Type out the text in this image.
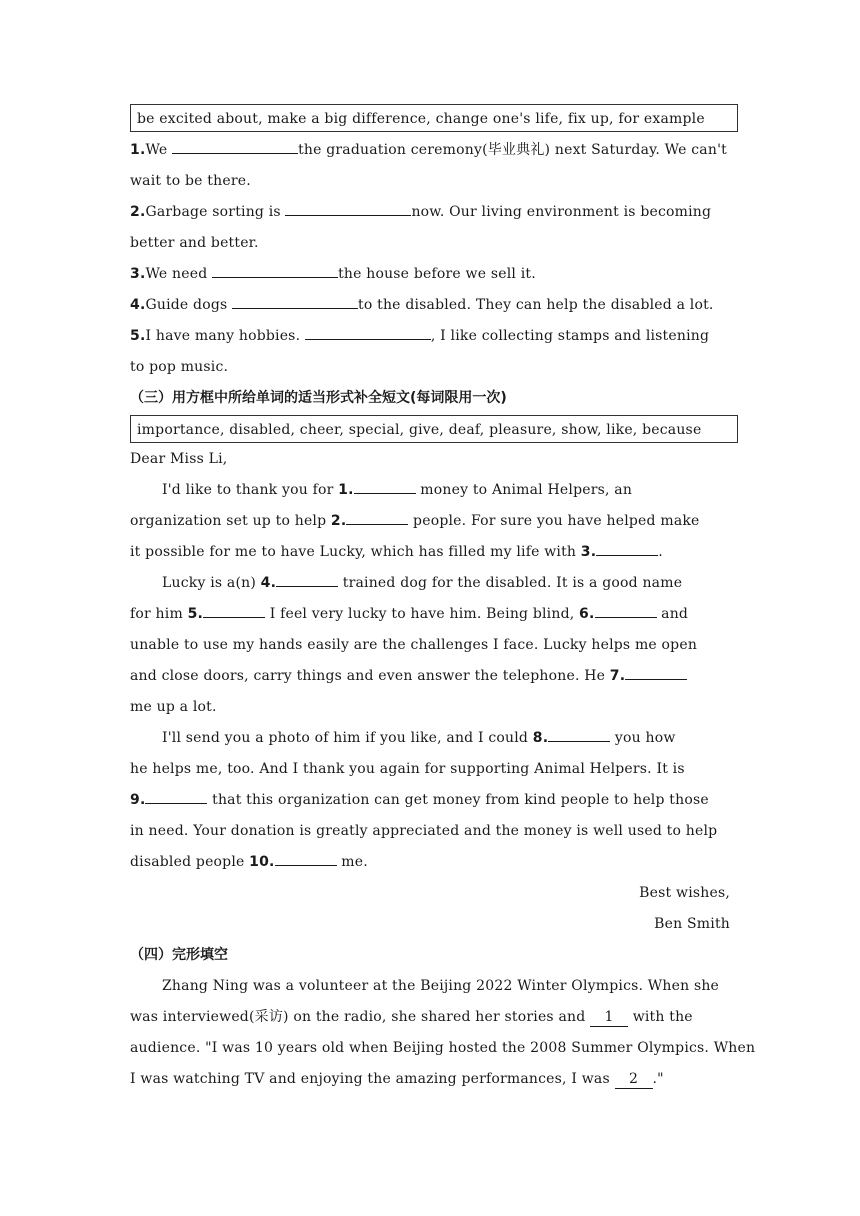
be excited about, make a big difference, change one's life, fix up, for example
1.We	the graduation ceremony(毕业典礼) next Saturday. We can't
wait to be there.
2.Garbage sorting is	now. Our living environment is becoming
better and better.
3.We need	the house before we sell it.
4.Guide dogs	to the disabled. They can help the disabled a lot.
5.I have many hobbies.	, I like collecting stamps and listening
to pop music.
（三）用方框中所给单词的适当形式补全短文(每词限用一次)
importance, disabled, cheer, special, give, deaf, pleasure, show, like, because
Dear Miss Li,
I'd like to thank you for 1.	money to Animal Helpers, an
organization set up to help 2.	people. For sure you have helped make
it possible for me to have Lucky, which has filled my life with 3.	.
Lucky is a(n) 4.	trained dog for the disabled. It is a good name
for him 5.	I feel very lucky to have him. Being blind, 6.	and
unable to use my hands easily are the challenges I face. Lucky helps me open
and close doors, carry things and even answer the telephone. He 7.
me up a lot.
I'll send you a photo of him if you like, and I could 8.	you how
he helps me, too. And I thank you again for supporting Animal Helpers. It is
9.	that this organization can get money from kind people to help those
in need. Your donation is greatly appreciated and the money is well used to help
disabled people 10.	me.
Best wishes,
Ben Smith
（四）完形填空
Zhang Ning was a volunteer at the Beijing 2022 Winter Olympics. When she
was interviewed(采访) on the radio, she shared her stories and 1 with the
audience. "I was 10 years old when Beijing hosted the 2008 Summer Olympics. When
I was watching TV and enjoying the amazing performances, I was 2 ."
